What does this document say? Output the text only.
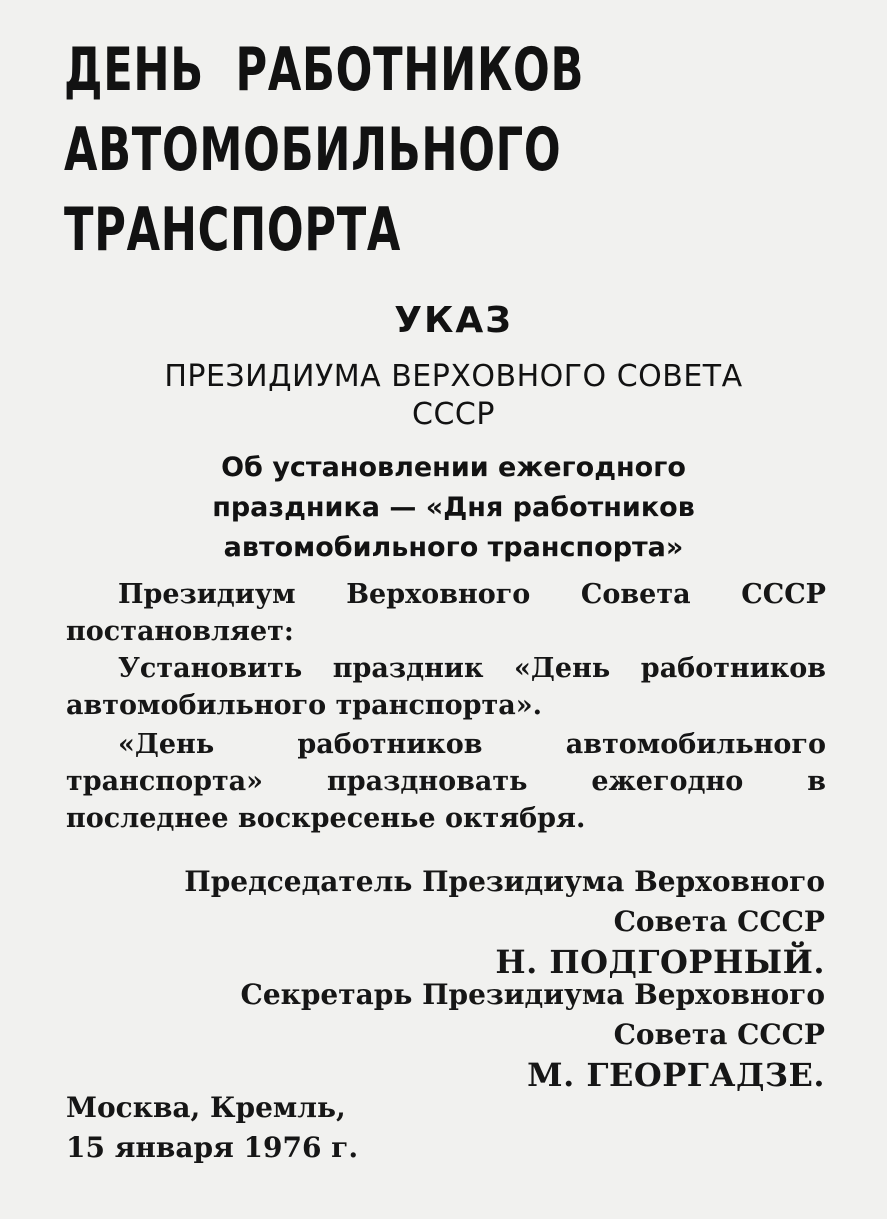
ДЕНЬ  РАБОТНИКОВ
АВТОМОБИЛЬНОГО
ТРАНСПОРТА
УКАЗ
ПРЕЗИДИУМА ВЕРХОВНОГО СОВЕТА
СССР
Об установлении ежегодного
праздника — «Дня работников
автомобильного транспорта»

Президиум Верховного Совета СССР постановляет:

Установить праздник «День работников автомобильного транспорта».

«День работников автомобильного транспорта» праздновать ежегодно в последнее воскресенье октября.

Председатель Президиума Верховного
Совета СССР
Н. ПОДГОРНЫЙ.
Секретарь Президиума Верховного
Совета СССР
М. ГЕОРГАДЗЕ.
Москва, Кремль,
15 января 1976 г.
